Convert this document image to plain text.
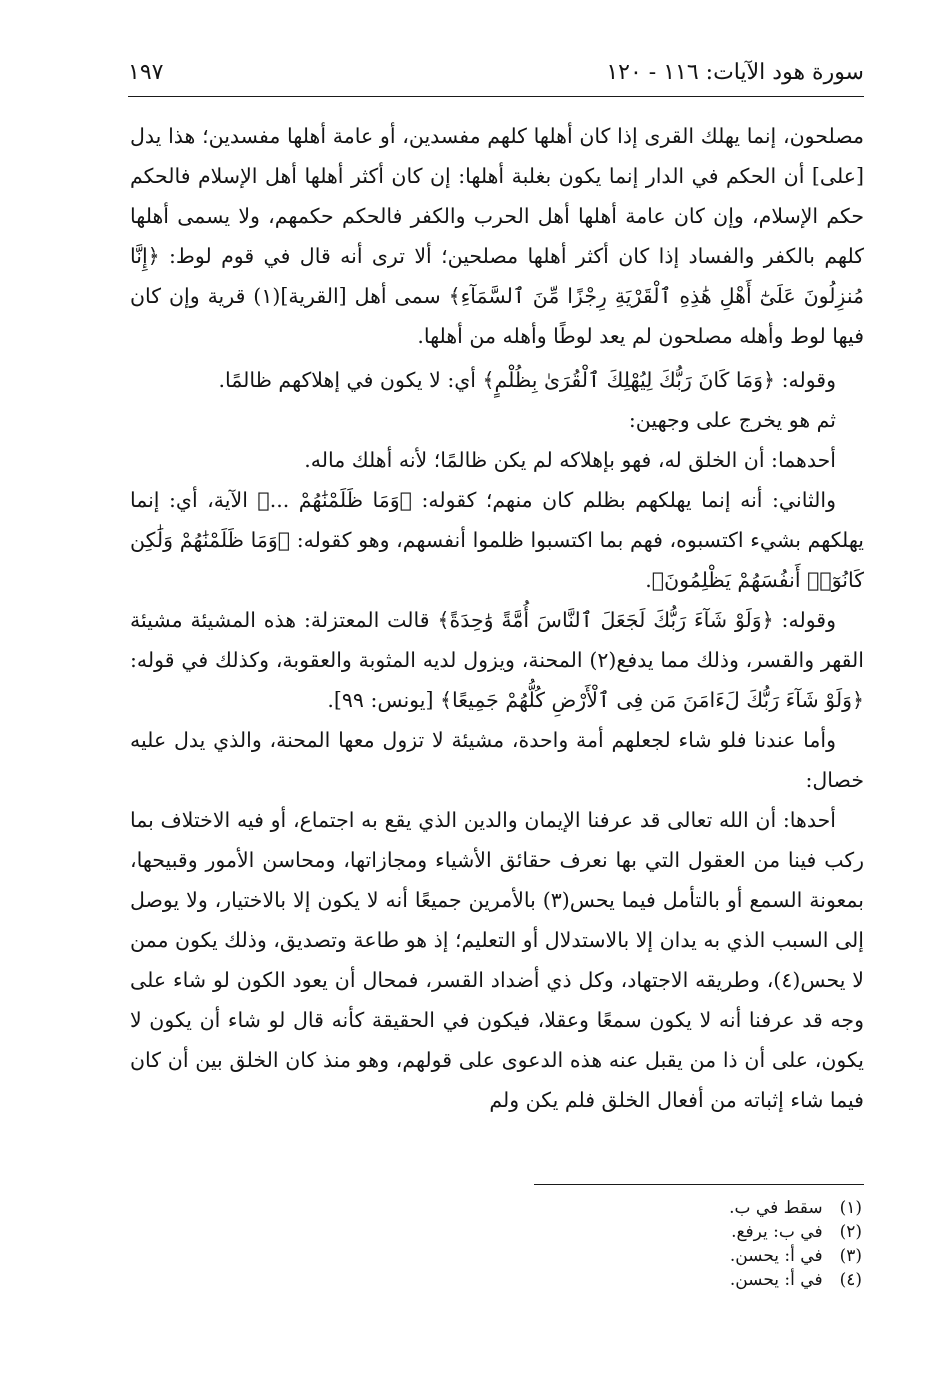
سورة هود الآيات: ١١٦ - ١٢٠
١٩٧

مصلحون، إنما يهلك القرى إذا كان أهلها كلهم مفسدين، أو عامة أهلها مفسدين؛ هذا يدل [على] أن الحكم في الدار إنما يكون بغلبة أهلها: إن كان أكثر أهلها أهل الإسلام فالحكم حكم الإسلام، وإن كان عامة أهلها أهل الحرب والكفر فالحكم حكمهم، ولا يسمى أهلها كلهم بالكفر والفساد إذا كان أكثر أهلها مصلحين؛ ألا ترى أنه قال في قوم لوط: ﴿إِنَّا مُنزِلُونَ عَلَىٰٓ أَهْلِ هَٰذِهِ ٱلْقَرْيَةِ رِجْزًا مِّنَ ٱلسَّمَآءِ﴾ سمى أهل [القرية](١) قرية وإن كان فيها لوط وأهله مصلحون لم يعد لوطًا وأهله من أهلها.

وقوله: ﴿وَمَا كَانَ رَبُّكَ لِيُهْلِكَ ٱلْقُرَىٰ بِظُلْمٍ﴾ أي: لا يكون في إهلاكهم ظالمًا.

ثم هو يخرج على وجهين:

أحدهما: أن الخلق له، فهو بإهلاكه لم يكن ظالمًا؛ لأنه أهلك ماله.

والثاني: أنه إنما يهلكهم بظلم كان منهم؛ كقوله: ﴿وَمَا ظَلَمْنَٰهُمْ ...﴾ الآية، أي: إنما يهلكهم بشيء اكتسبوه، فهم بما اكتسبوا ظلموا أنفسهم، وهو كقوله: ﴿وَمَا ظَلَمْنَٰهُمْ وَلَٰكِن كَانُوٓا۟ أَنفُسَهُمْ يَظْلِمُونَ﴾.

وقوله: ﴿وَلَوْ شَآءَ رَبُّكَ لَجَعَلَ ٱلنَّاسَ أُمَّةً وَٰحِدَةً﴾ قالت المعتزلة: هذه المشيئة مشيئة القهر والقسر، وذلك مما يدفع(٢) المحنة، ويزول لديه المثوبة والعقوبة، وكذلك في قوله: ﴿وَلَوْ شَآءَ رَبُّكَ لَءَامَنَ مَن فِى ٱلْأَرْضِ كُلُّهُمْ جَمِيعًا﴾ [يونس: ٩٩].

وأما عندنا فلو شاء لجعلهم أمة واحدة، مشيئة لا تزول معها المحنة، والذي يدل عليه خصال:

أحدها: أن الله تعالى قد عرفنا الإيمان والدين الذي يقع به اجتماع، أو فيه الاختلاف بما ركب فينا من العقول التي بها نعرف حقائق الأشياء ومجازاتها، ومحاسن الأمور وقبيحها، بمعونة السمع أو بالتأمل فيما يحس(٣) بالأمرين جميعًا أنه لا يكون إلا بالاختيار، ولا يوصل إلى السبب الذي به يدان إلا بالاستدلال أو التعليم؛ إذ هو طاعة وتصديق، وذلك يكون ممن لا يحس(٤)، وطريقه الاجتهاد، وكل ذي أضداد القسر، فمحال أن يعود الكون لو شاء على وجه قد عرفنا أنه لا يكون سمعًا وعقلا، فيكون في الحقيقة كأنه قال لو شاء أن يكون لا يكون، على أن ذا من يقبل عنه هذه الدعوى على قولهم، وهو منذ كان الخلق بين أن كان فيما شاء إثباته من أفعال الخلق فلم يكن ولم

(١) سقط في ب.
(٢) في ب: يرفع.
(٣) في أ: يحسن.
(٤) في أ: يحسن.
